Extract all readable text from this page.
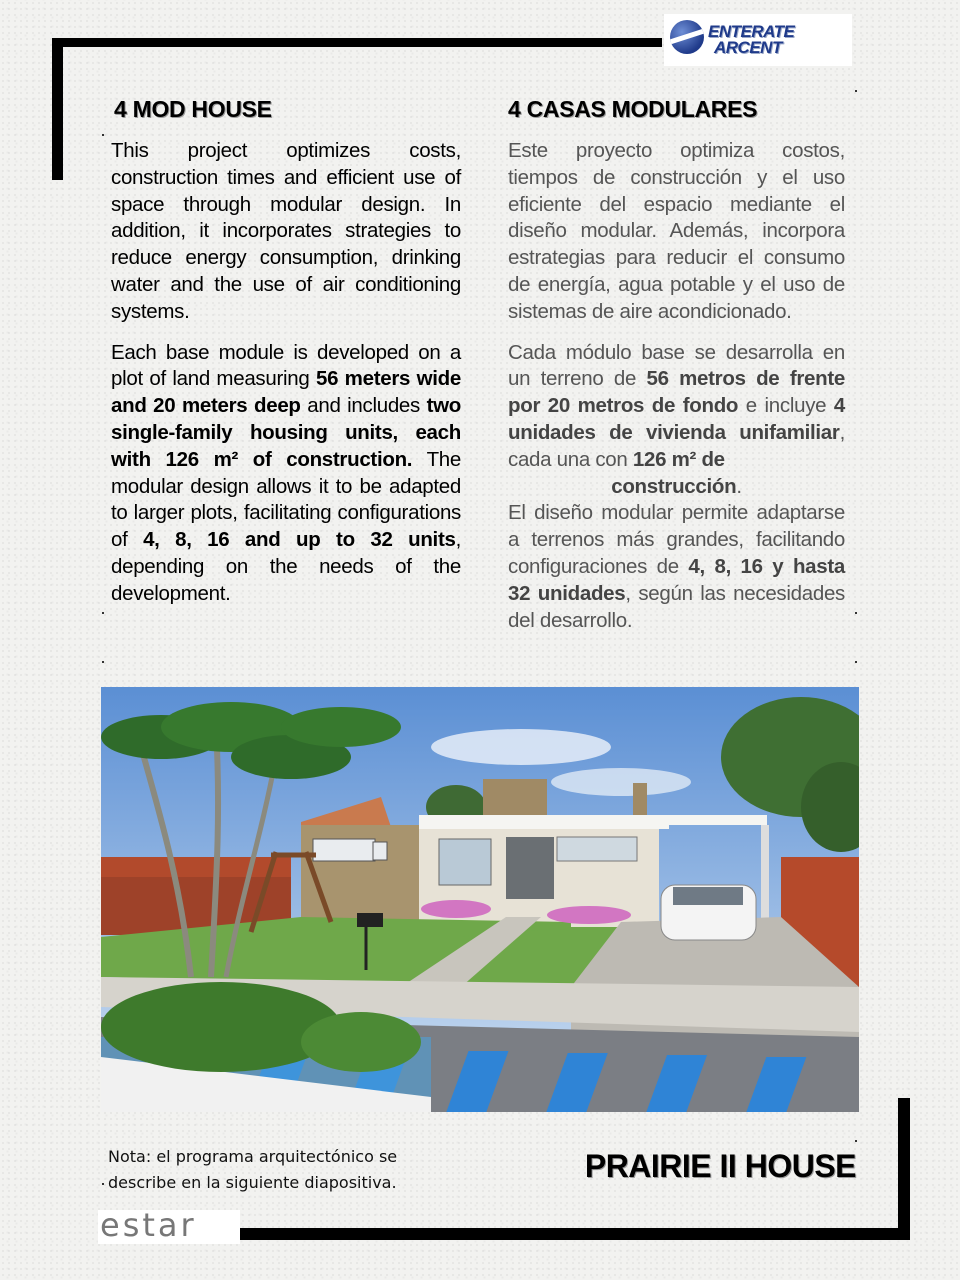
ENTERATE
ARCENT
4 MOD HOUSE	4 CASAS MODULARES

This project optimizes costs, construction times and efficient use of space through modular design. In addition, it incorporates strategies to reduce energy consumption, drinking water and the use of air conditioning systems.

Each base module is developed on a plot of land measuring 56 meters wide and 20 meters deep and includes two single-family housing units, each with 126 m² of construction. The modular design allows it to be adapted to larger plots, facilitating configurations of 4, 8, 16 and up to 32 units, depending on the needs of the development.

Este proyecto optimiza costos, tiempos de construcción y el uso eficiente del espacio mediante el diseño modular. Además, incorpora estrategias para reducir el consumo de energía, agua potable y el uso de sistemas de aire acondicionado.

Cada módulo base se desarrolla en un terreno de 56 metros de frente por 20 metros de fondo e incluye 4 unidades de vivienda unifamiliar, cada una con 126 m² de
construcción.

El diseño modular permite adaptarse a terrenos más grandes, facilitando configuraciones de 4, 8, 16 y hasta 32 unidades, según las necesidades del desarrollo.

Nota: el programa arquitectónico se
describe en la siguiente diapositiva.	PRAIRIE II HOUSE
estar
